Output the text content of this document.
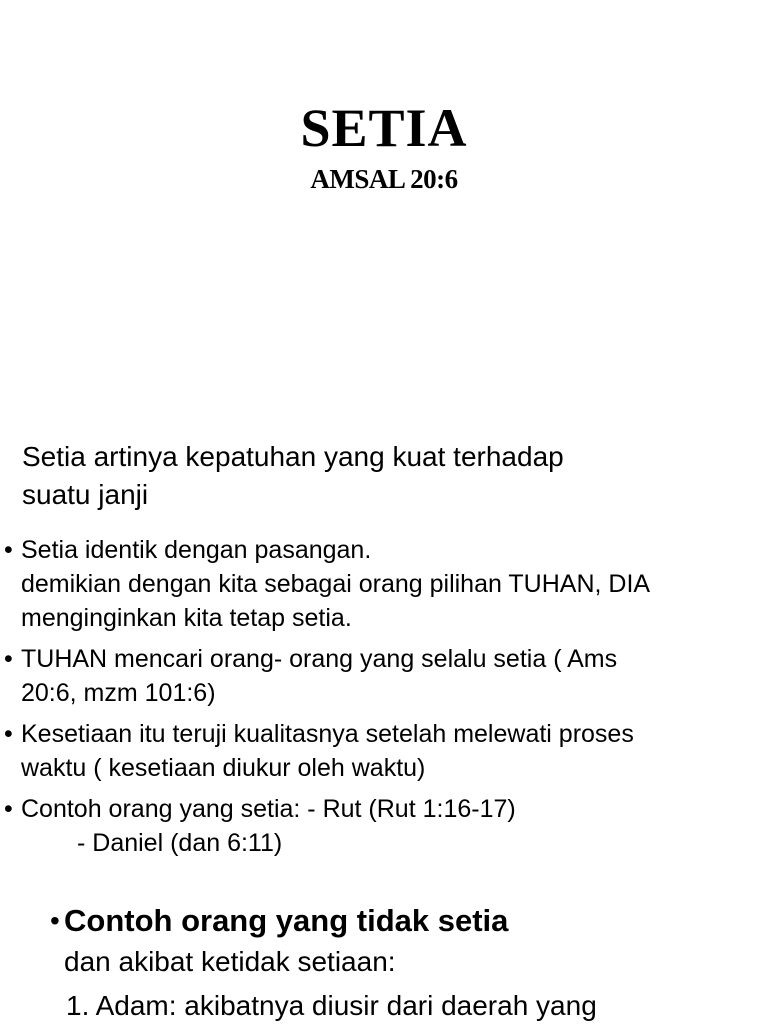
SETIA
AMSAL 20:6
Setia artinya kepatuhan yang kuat terhadap
suatu janji
• Setia identik dengan pasangan.
demikian dengan kita sebagai orang pilihan TUHAN, DIA
menginginkan kita tetap setia.
• TUHAN mencari orang- orang yang selalu setia ( Ams
20:6, mzm 101:6)
• Kesetiaan itu teruji kualitasnya setelah melewati proses
waktu ( kesetiaan diukur oleh waktu)
• Contoh orang yang setia: - Rut (Rut 1:16-17)
- Daniel (dan 6:11)
• Contoh orang yang tidak setia
dan akibat ketidak setiaan:
1. Adam: akibatnya diusir dari daerah yang
